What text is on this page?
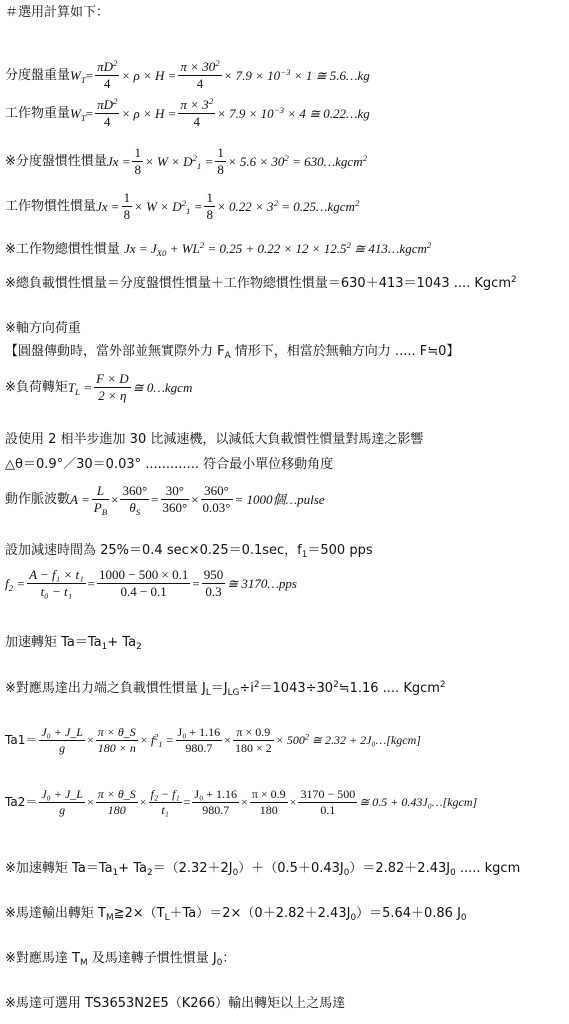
＃選用計算如下：
分度盤重量$W_T= \frac{\pi D^2}{4} \times \rho \times H = \frac{\pi \times 30^2}{4} \times 7.9 \times 10^{-3} \times 1$ ≅ 5.6…kg
工作物重量$W_T= \frac{\pi D^2}{4} \times \rho \times H = \frac{\pi \times 3^2}{4} \times 7.9 \times 10^{-3} \times 4$ ≅ 0.22…kg
※分度盤慣性慣量$Jx = \frac{1}{8} \times W \times D^2_1 = \frac{1}{8} \times 5.6 \times 30^2$ = 630…kgcm$^2$
工作物慣性慣量$Jx = \frac{1}{8} \times W \times D^2_1 = \frac{1}{8} \times 0.22 \times 3^2$ = 0.25…kgcm$^2$
※工作物總慣性慣量 $Jx = J_{X0} + WL^2 = 0.25 + 0.22 \times 12 \times 12.5^2$ ≅ 413…kgcm$^2$
※總負載慣性慣量＝分度盤慣性慣量＋工作物總慣性慣量＝630＋413＝1043 .... Kgcm$^2$
※軸方向荷重
【圓盤傳動時，當外部並無實際外力 $F_A$ 情形下，相當於無軸方向力 ..... F≒0】
※負荷轉矩$T_L = \frac{F \times D}{2 \times \eta}$ ≅ 0…kgcm
設使用 2 相半步進加 30 比減速機，以減低大負載慣性慣量對馬達之影響
△θ＝0.9°／30＝0.03° ............. 符合最小單位移動角度
動作脈波數$A = \frac{L}{P_B} \times \frac{360^\circ}{\theta_S} = \frac{30^\circ}{360^\circ} \times \frac{360^\circ}{0.03^\circ} = 1000$個…pulse
設加減速時間為 25%＝0.4 sec×0.25＝0.1sec，$f_1=500$ pps
$f_2 = \frac{\text{A − f₁ × t₁}}{\text{t₀ − t₁}} = \frac{1000 - 500 \times 0.1}{0.4 - 0.1} = \frac{950}{0.3}$ ≅ 3170…pps
加速轉矩 $Ta=Ta_1+ Ta_2$
※對應馬達出力端之負載慣性慣量 $J_L=J_{LG}\div i^2=1043\div 30^2≒1.16$ .... Kgcm$^2$
$Ta1= \frac{\text{J₀ + J\_L}}{g} \times \frac{\pi \times \theta\_S}{180 \times n} \times f^2_1 = \frac{\text{J₀ + 1.16}}{980.7} \times \frac{\pi \times 0.9}{180 \times 2} \times 500^2$ ≅ 2.32 + 2J₀…[kgcm]
$Ta2= \frac{\text{J₀ + J\_L}}{g} \times \frac{\pi \times \theta\_S}{180} \times \frac{\text{f₂ − f₁}}{\text{t₁}} = \frac{\text{J₀ + 1.16}}{980.7} \times \frac{\pi \times 0.9}{180} \times \frac{3170 - 500}{0.1}$ ≅ 0.5 + 0.43J₀…[kgcm]
※加速轉矩 $Ta=Ta_1+ Ta_2=(2.32+2J_0)+(0.5+0.43J_0)=2.82+2.43J_0$ ..... kgcm
※馬達輸出轉矩 $T_M≧2\times(T_L+Ta)=2\times(0+2.82+2.43J_0)=5.64+0.86$ $J_0$
※對應馬達 $T_M$ 及馬達轉子慣性慣量 $J_0$：
※馬達可選用 TS3653N2E5（K266）輸出轉矩以上之馬達
